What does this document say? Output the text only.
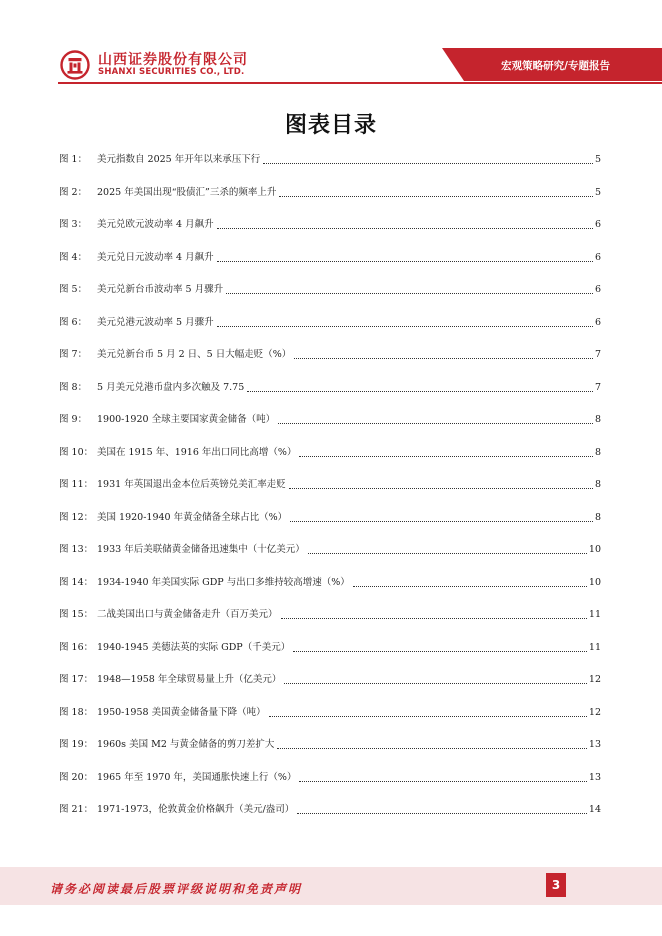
山西证券股份有限公司
SHANXI SECURITIES CO., LTD.	宏观策略研究/专题报告
图表目录
图 1：	美元指数自 2025 年开年以来承压下行	5
图 2：	2025 年美国出现“股债汇”三杀的频率上升	5
图 3：	美元兑欧元波动率 4 月飙升	6
图 4：	美元兑日元波动率 4 月飙升	6
图 5：	美元兑新台币波动率 5 月骤升	6
图 6：	美元兑港元波动率 5 月骤升	6
图 7：	美元兑新台币 5 月 2 日、5 日大幅走贬（%）	7
图 8：	5 月美元兑港币盘内多次触及 7.75	7
图 9：	1900-1920 全球主要国家黄金储备（吨）	8
图 10： 美国在 1915 年、1916 年出口同比高增（%）	8
图 11： 1931 年英国退出金本位后英镑兑美汇率走贬	8
图 12： 美国 1920-1940 年黄金储备全球占比（%）	8
图 13： 1933 年后美联储黄金储备迅速集中（十亿美元）	10
图 14： 1934-1940 年美国实际 GDP 与出口多维持较高增速（%）	10
图 15： 二战美国出口与黄金储备走升（百万美元）	11
图 16： 1940-1945 美德法英的实际 GDP（千美元）	11
图 17： 1948—1958 年全球贸易量上升（亿美元）	12
图 18： 1950-1958 美国黄金储备量下降（吨）	12
图 19： 1960s 美国 M2 与黄金储备的剪刀差扩大	13
图 20： 1965 年至 1970 年，美国通胀快速上行（%）	13
图 21： 1971-1973，伦敦黄金价格飙升（美元/盎司）	14
请务必阅读最后股票评级说明和免责声明	3
